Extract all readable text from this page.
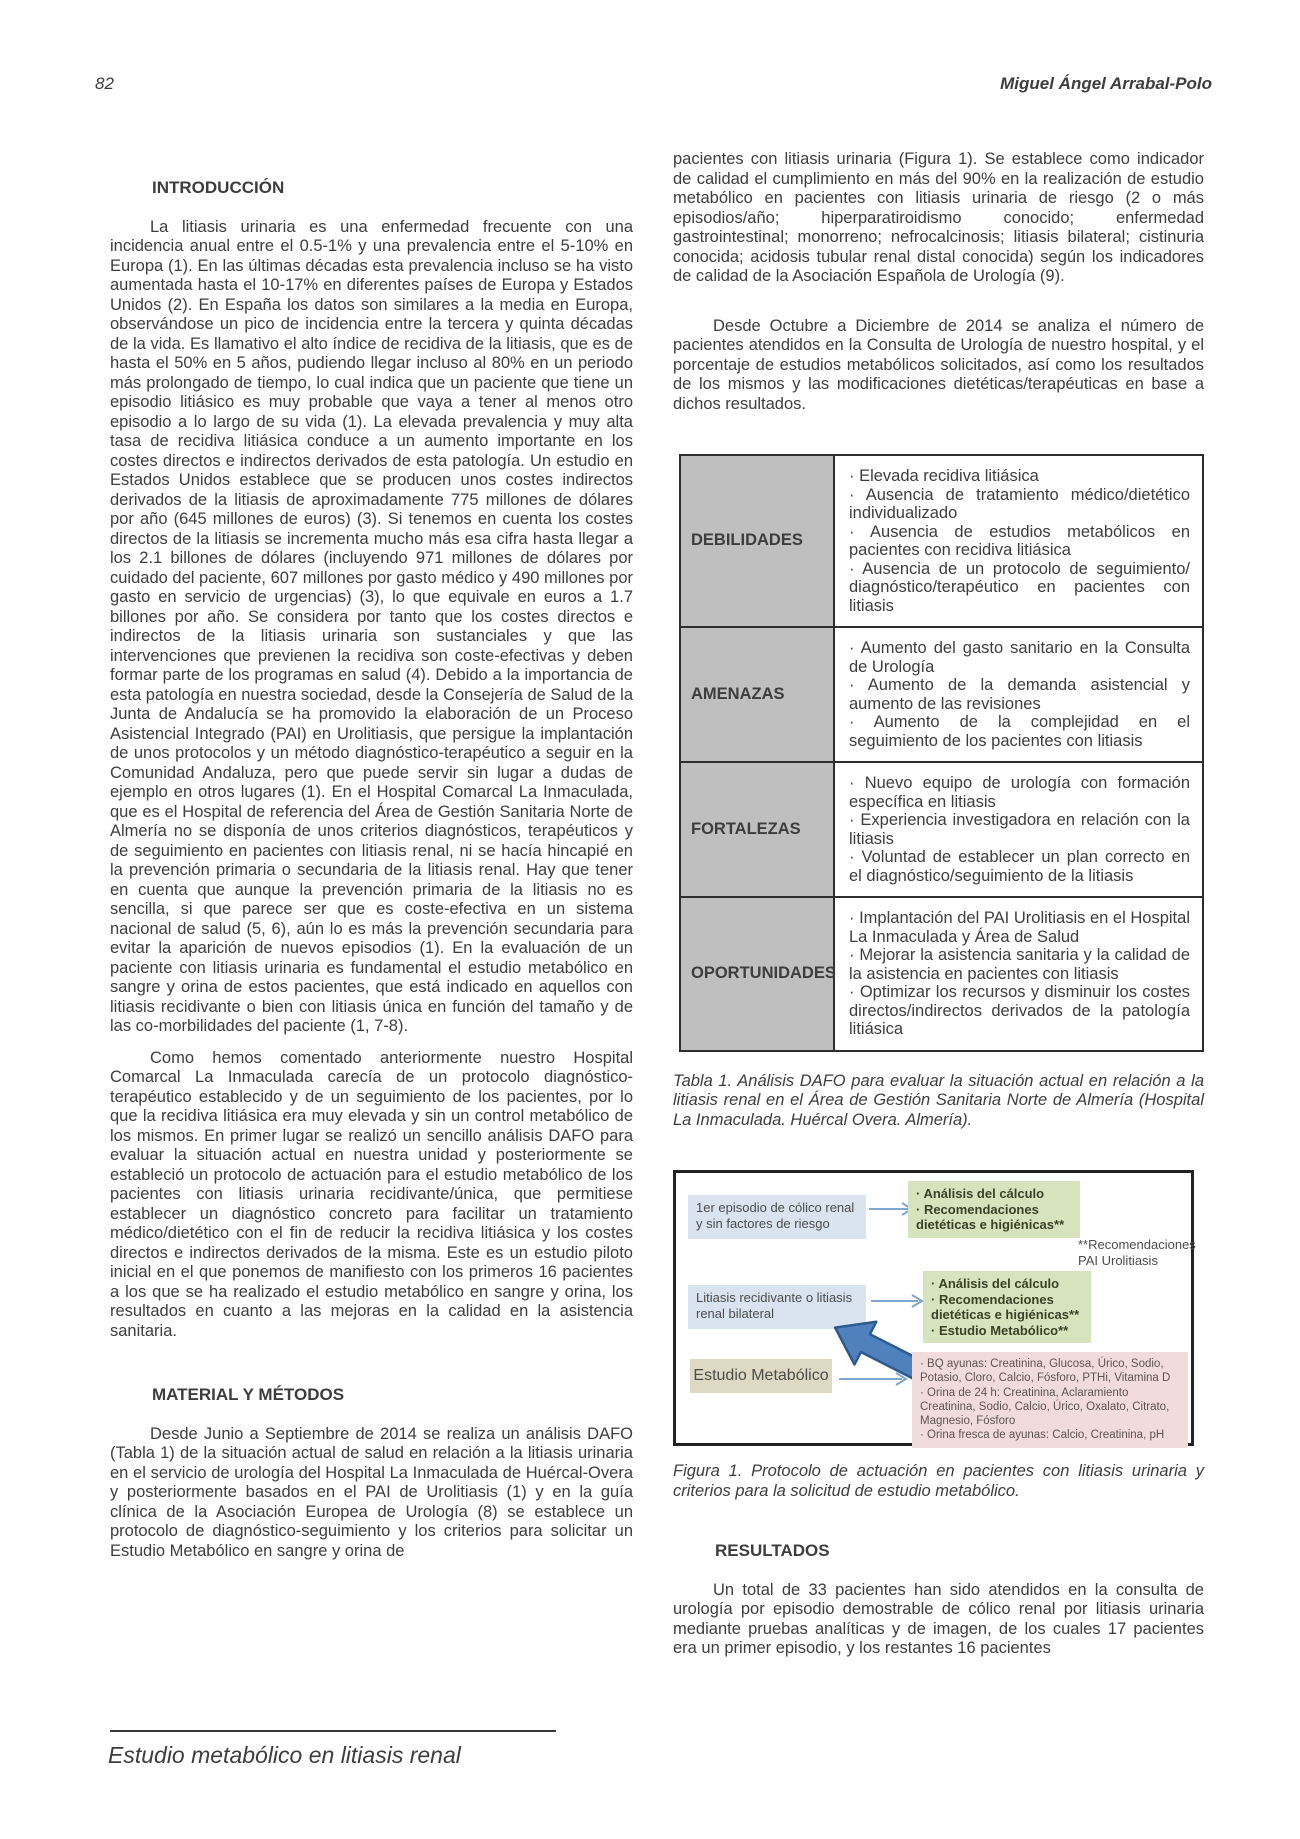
82	Miguel Ángel Arrabal-Polo
INTRODUCCIÓN

La litiasis urinaria es una enfermedad frecuente con una incidencia anual entre el 0.5-1% y una prevalencia entre el 5-10% en Europa (1). En las últimas décadas esta prevalencia incluso se ha visto aumentada hasta el 10-17% en diferentes países de Europa y Estados Unidos (2). En España los datos son similares a la media en Europa, observándose un pico de incidencia entre la tercera y quinta décadas de la vida. Es llamativo el alto índice de recidiva de la litiasis, que es de hasta el 50% en 5 años, pudiendo llegar incluso al 80% en un periodo más prolongado de tiempo, lo cual indica que un paciente que tiene un episodio litiásico es muy probable que vaya a tener al menos otro episodio a lo largo de su vida (1). La elevada prevalencia y muy alta tasa de recidiva litiásica conduce a un aumento importante en los costes directos e indirectos derivados de esta patología. Un estudio en Estados Unidos establece que se producen unos costes indirectos derivados de la litiasis de aproximadamente 775 millones de dólares por año (645 millones de euros) (3). Si tenemos en cuenta los costes directos de la litiasis se incrementa mucho más esa cifra hasta llegar a los 2.1 billones de dólares (incluyendo 971 millones de dólares por cuidado del paciente, 607 millones por gasto médico y 490 millones por gasto en servicio de urgencias) (3), lo que equivale en euros a 1.7 billones por año. Se considera por tanto que los costes directos e indirectos de la litiasis urinaria son sustanciales y que las intervenciones que previenen la recidiva son coste-efectivas y deben formar parte de los programas en salud (4). Debido a la importancia de esta patología en nuestra sociedad, desde la Consejería de Salud de la Junta de Andalucía se ha promovido la elaboración de un Proceso Asistencial Integrado (PAI) en Urolitiasis, que persigue la implantación de unos protocolos y un método diagnóstico-terapéutico a seguir en la Comunidad Andaluza, pero que puede servir sin lugar a dudas de ejemplo en otros lugares (1). En el Hospital Comarcal La Inmaculada, que es el Hospital de referencia del Área de Gestión Sanitaria Norte de Almería no se disponía de unos criterios diagnósticos, terapéuticos y de seguimiento en pacientes con litiasis renal, ni se hacía hincapié en la prevención primaria o secundaria de la litiasis renal. Hay que tener en cuenta que aunque la prevención primaria de la litiasis no es sencilla, si que parece ser que es coste-efectiva en un sistema nacional de salud (5, 6), aún lo es más la prevención secundaria para evitar la aparición de nuevos episodios (1). En la evaluación de un paciente con litiasis urinaria es fundamental el estudio metabólico en sangre y orina de estos pacientes, que está indicado en aquellos con litiasis recidivante o bien con litiasis única en función del tamaño y de las co-morbilidades del paciente (1, 7-8).

Como hemos comentado anteriormente nuestro Hospital Comarcal La Inmaculada carecía de un protocolo diagnóstico-terapéutico establecido y de un seguimiento de los pacientes, por lo que la recidiva litiásica era muy elevada y sin un control metabólico de los mismos. En primer lugar se realizó un sencillo análisis DAFO para evaluar la situación actual en nuestra unidad y posteriormente se estableció un protocolo de actuación para el estudio metabólico de los pacientes con litiasis urinaria recidivante/única, que permitiese establecer un diagnóstico concreto para facilitar un tratamiento médico/dietético con el fin de reducir la recidiva litiásica y los costes directos e indirectos derivados de la misma. Este es un estudio piloto inicial en el que ponemos de manifiesto con los primeros 16 pacientes a los que se ha realizado el estudio metabólico en sangre y orina, los resultados en cuanto a las mejoras en la calidad en la asistencia sanitaria.

MATERIAL Y MÉTODOS

Desde Junio a Septiembre de 2014 se realiza un análisis DAFO (Tabla 1) de la situación actual de salud en relación a la litiasis urinaria en el servicio de urología del Hospital La Inmaculada de Huércal-Overa y posteriormente basados en el PAI de Urolitiasis (1) y en la guía clínica de la Asociación Europea de Urología (8) se establece un protocolo de diagnóstico-seguimiento y los criterios para solicitar un Estudio Metabólico en sangre y orina de

pacientes con litiasis urinaria (Figura 1). Se establece como indicador de calidad el cumplimiento en más del 90% en la realización de estudio metabólico en pacientes con litiasis urinaria de riesgo (2 o más episodios/año; hiperparatiroidismo conocido; enfermedad gastrointestinal; monorreno; nefrocalcinosis; litiasis bilateral; cistinuria conocida; acidosis tubular renal distal conocida) según los indicadores de calidad de la Asociación Española de Urología (9).

Desde Octubre a Diciembre de 2014 se analiza el número de pacientes atendidos en la Consulta de Urología de nuestro hospital, y el porcentaje de estudios metabólicos solicitados, así como los resultados de los mismos y las modificaciones dietéticas/terapéuticas en base a dichos resultados.

DEBILIDADES
· Elevada recidiva litiásica
· Ausencia de tratamiento médico/dietético individualizado
· Ausencia de estudios metabólicos en pacientes con recidiva litiásica
· Ausencia de un protocolo de seguimiento/ diagnóstico/terapéutico en pacientes con litiasis
AMENAZAS
· Aumento del gasto sanitario en la Consulta de Urología
· Aumento de la demanda asistencial y aumento de las revisiones
· Aumento de la complejidad en el seguimiento de los pacientes con litiasis
FORTALEZAS
· Nuevo equipo de urología con formación específica en litiasis
· Experiencia investigadora en relación con la litiasis
· Voluntad de establecer un plan correcto en el diagnóstico/seguimiento de la litiasis
OPORTUNIDADES
· Implantación del PAI Urolitiasis en el Hospital La Inmaculada y Área de Salud
· Mejorar la asistencia sanitaria y la calidad de la asistencia en pacientes con litiasis
· Optimizar los recursos y disminuir los costes directos/indirectos derivados de la patología litiásica
Tabla 1. Análisis DAFO para evaluar la situación actual en relación a la litiasis renal en el Área de Gestión Sanitaria Norte de Almería (Hospital La Inmaculada. Huércal Overa. Almería).
1er episodio de cólico renal y sin factores de riesgo
· Análisis del cálculo
· Recomendaciones
dietéticas e higiénicas**
**Recomendaciones
PAI Urolitiasis
Litiasis recidivante o litiasis renal bilateral
· Análisis del cálculo
· Recomendaciones
dietéticas e higiénicas**
· Estudio Metabólico**
Estudio Metabólico
· BQ ayunas: Creatinina, Glucosa, Úrico, Sodio, Potasio, Cloro, Calcio, Fósforo, PTHi, Vitamina D
· Orina de 24 h: Creatinina, Aclaramiento Creatinina, Sodio, Calcio, Úrico, Oxalato, Citrato, Magnesio, Fósforo
· Orina fresca de ayunas: Calcio, Creatinina, pH
Figura 1. Protocolo de actuación en pacientes con litiasis urinaria y criterios para la solicitud de estudio metabólico.
RESULTADOS

Un total de 33 pacientes han sido atendidos en la consulta de urología por episodio demostrable de cólico renal por litiasis urinaria mediante pruebas analíticas y de imagen, de los cuales 17 pacientes era un primer episodio, y los restantes 16 pacientes

Estudio metabólico en litiasis renal
